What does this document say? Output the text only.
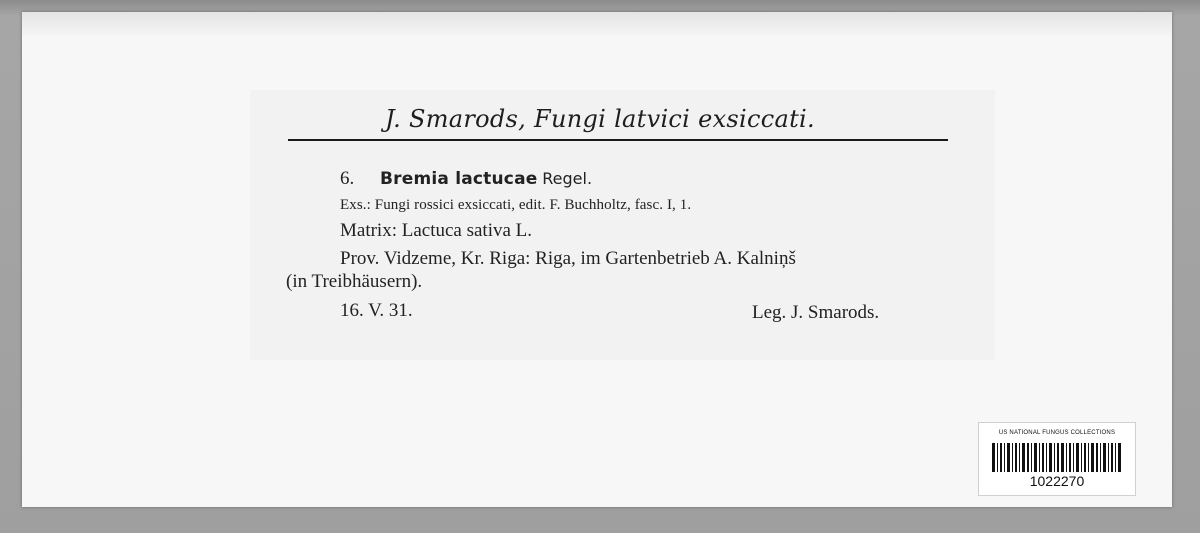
J. Smarods, Fungi latvici exsiccati.
6. Bremia lactucae Regel.
Exs.: Fungi rossici exsiccati, edit. F. Buchholtz, fasc. I, 1.
Matrix: Lactuca sativa L.
Prov. Vidzeme, Kr. Riga: Riga, im Gartenbetrieb A. Kalniņš
(in Treibhäusern).
16. V. 31.	Leg. J. Smarods.
US NATIONAL FUNGUS COLLECTIONS
1022270
